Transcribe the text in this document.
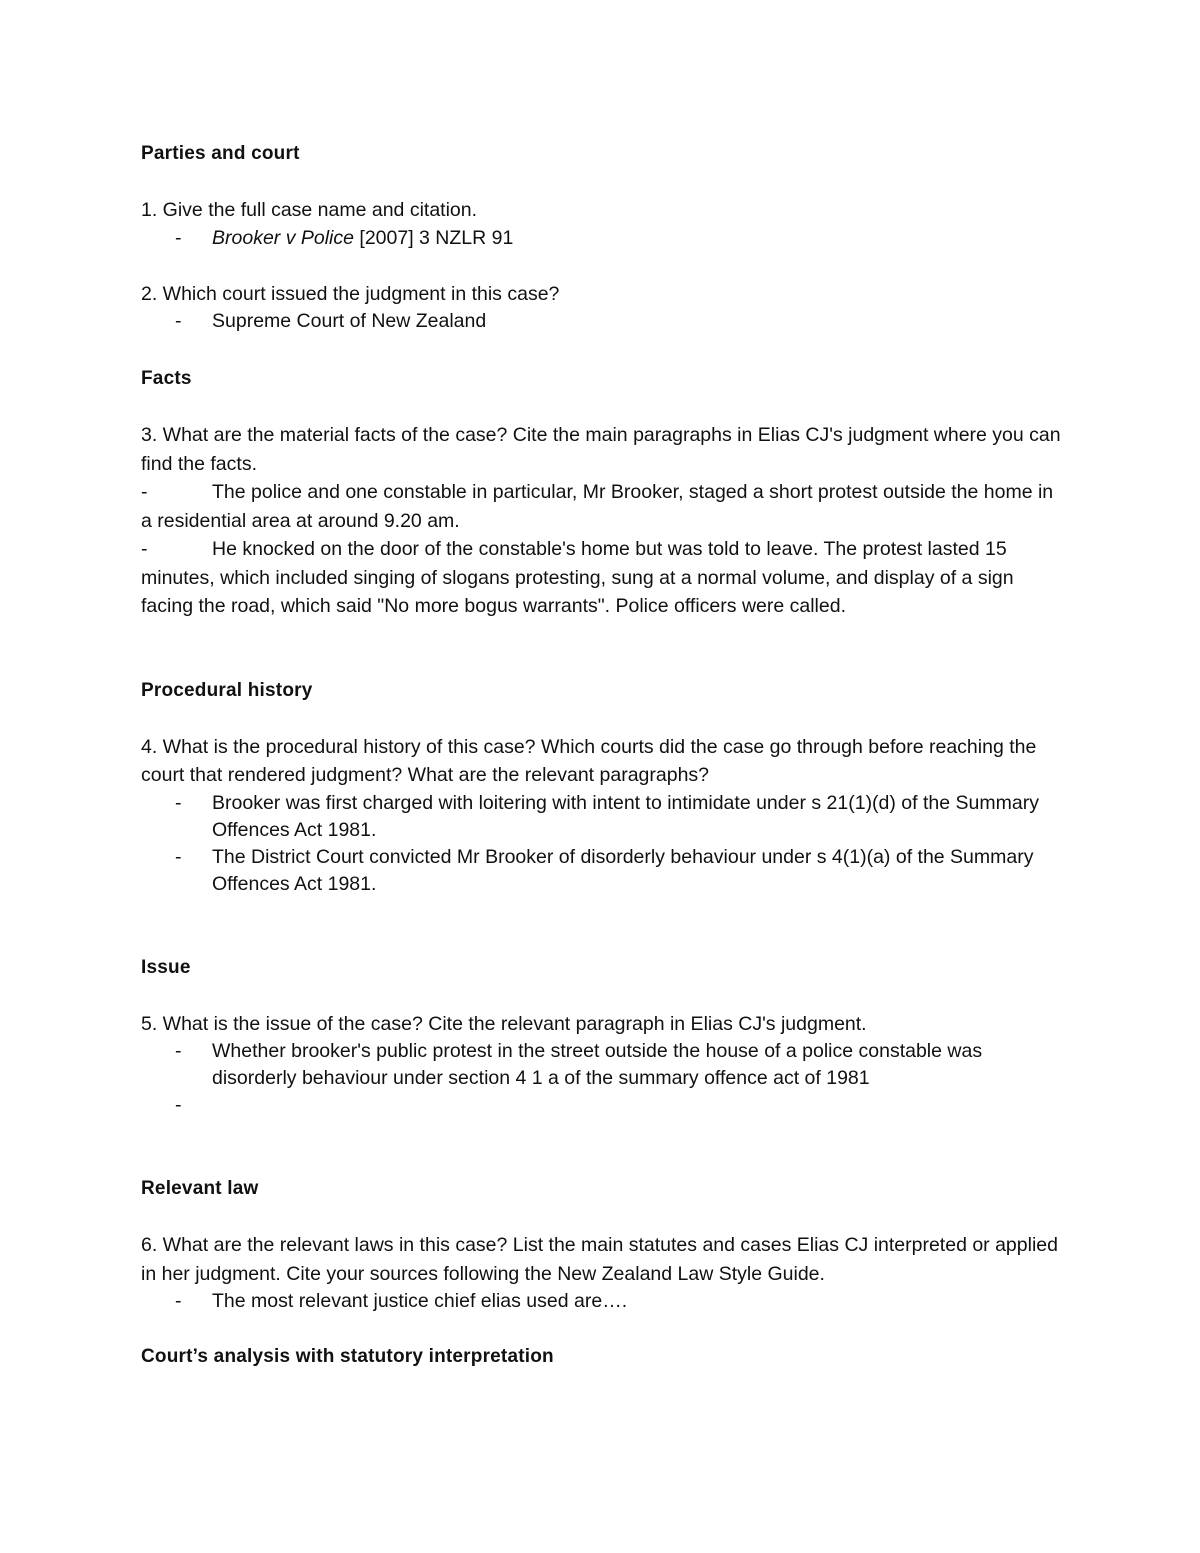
Parties and court

1. Give the full case name and citation.

- Brooker v Police [2007] 3 NZLR 91

2. Which court issued the judgment in this case?

- Supreme Court of New Zealand

Facts

3. What are the material facts of the case? Cite the main paragraphs in Elias CJ's judgment where you can find the facts.

-	The police and one constable in particular, Mr Brooker, staged a short protest outside the home in a residential area at around 9.20 am.

-	He knocked on the door of the constable's home but was told to leave. The protest lasted 15 minutes, which included singing of slogans protesting, sung at a normal volume, and display of a sign facing the road, which said "No more bogus warrants". Police officers were called.

Procedural history

4. What is the procedural history of this case? Which courts did the case go through before reaching the court that rendered judgment? What are the relevant paragraphs?

- Brooker was first charged with loitering with intent to intimidate under s 21(1)(d) of the Summary Offences Act 1981.
- The District Court convicted Mr Brooker of disorderly behaviour under s 4(1)(a) of the Summary Offences Act 1981.

Issue

5. What is the issue of the case? Cite the relevant paragraph in Elias CJ's judgment.

- Whether brooker's public protest in the street outside the house of a police constable was disorderly behaviour under section 4 1 a of the summary offence act of 1981
-

Relevant law

6. What are the relevant laws in this case? List the main statutes and cases Elias CJ interpreted or applied in her judgment. Cite your sources following the New Zealand Law Style Guide.

- The most relevant justice chief elias used are….

Court’s analysis with statutory interpretation
